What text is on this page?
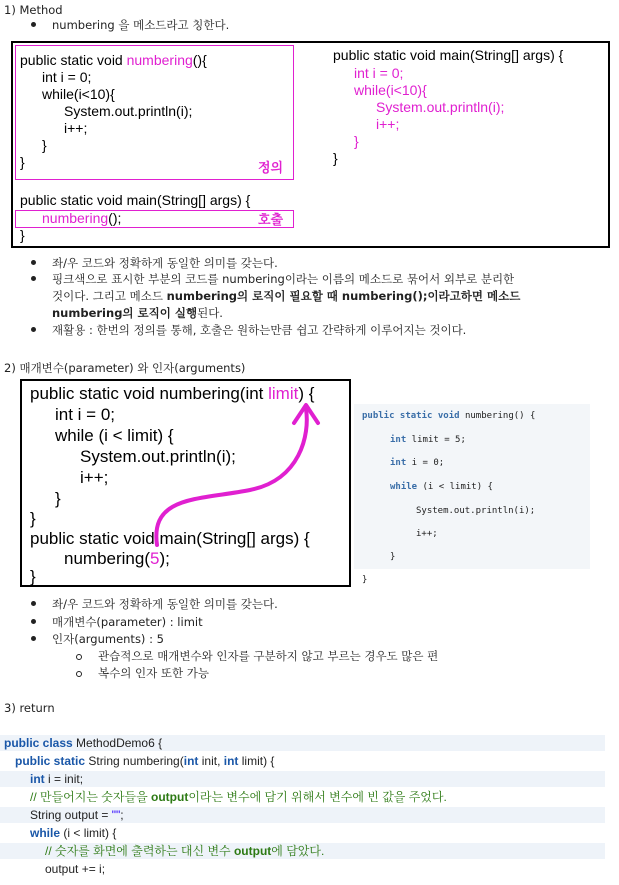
1) Method
numbering 을 메소드라고 칭한다.
public static void numbering(){
int i = 0;
while(i<10){
System.out.println(i);
i++;
}
}	정의
public static void main(String[] args) {
numbering();	호출
}
public static void main(String[] args) {
int i = 0;
while(i<10){
System.out.println(i);
i++;
}
}
좌/우 코드와 정확하게 동일한 의미를 갖는다.
핑크색으로 표시한 부분의 코드를 numbering이라는 이름의 메소드로 묶어서 외부로 분리한
것이다. 그리고 메소드 numbering의 로직이 필요할 때 numbering();이라고하면 메소드
numbering의 로직이 실행된다.
재활용 : 한번의 정의를 통해, 호출은 원하는만큼 쉽고 간략하게 이루어지는 것이다.
2) 매개변수(parameter) 와 인자(arguments)
public static void numbering(int limit) {
int i = 0;
while (i < limit) {
System.out.println(i);
i++;
}
}
public static void main(String[] args) {
numbering(5);
}
public static void numbering() {
int limit = 5;
int i = 0;
while (i < limit) {
System.out.println(i);
i++;
}
}
좌/우 코드와 정확하게 동일한 의미를 갖는다.
매개변수(parameter) : limit
인자(arguments) : 5
관습적으로 매개변수와 인자를 구분하지 않고 부르는 경우도 많은 편
복수의 인자 또한 가능
3) return
public class MethodDemo6 {
public static String numbering(int init, int limit) {
int i = init;
// 만들어지는 숫자들을 output이라는 변수에 담기 위해서 변수에 빈 값을 주었다.
String output = "";
while (i < limit) {
// 숫자를 화면에 출력하는 대신 변수 output에 담았다.
output += i;
